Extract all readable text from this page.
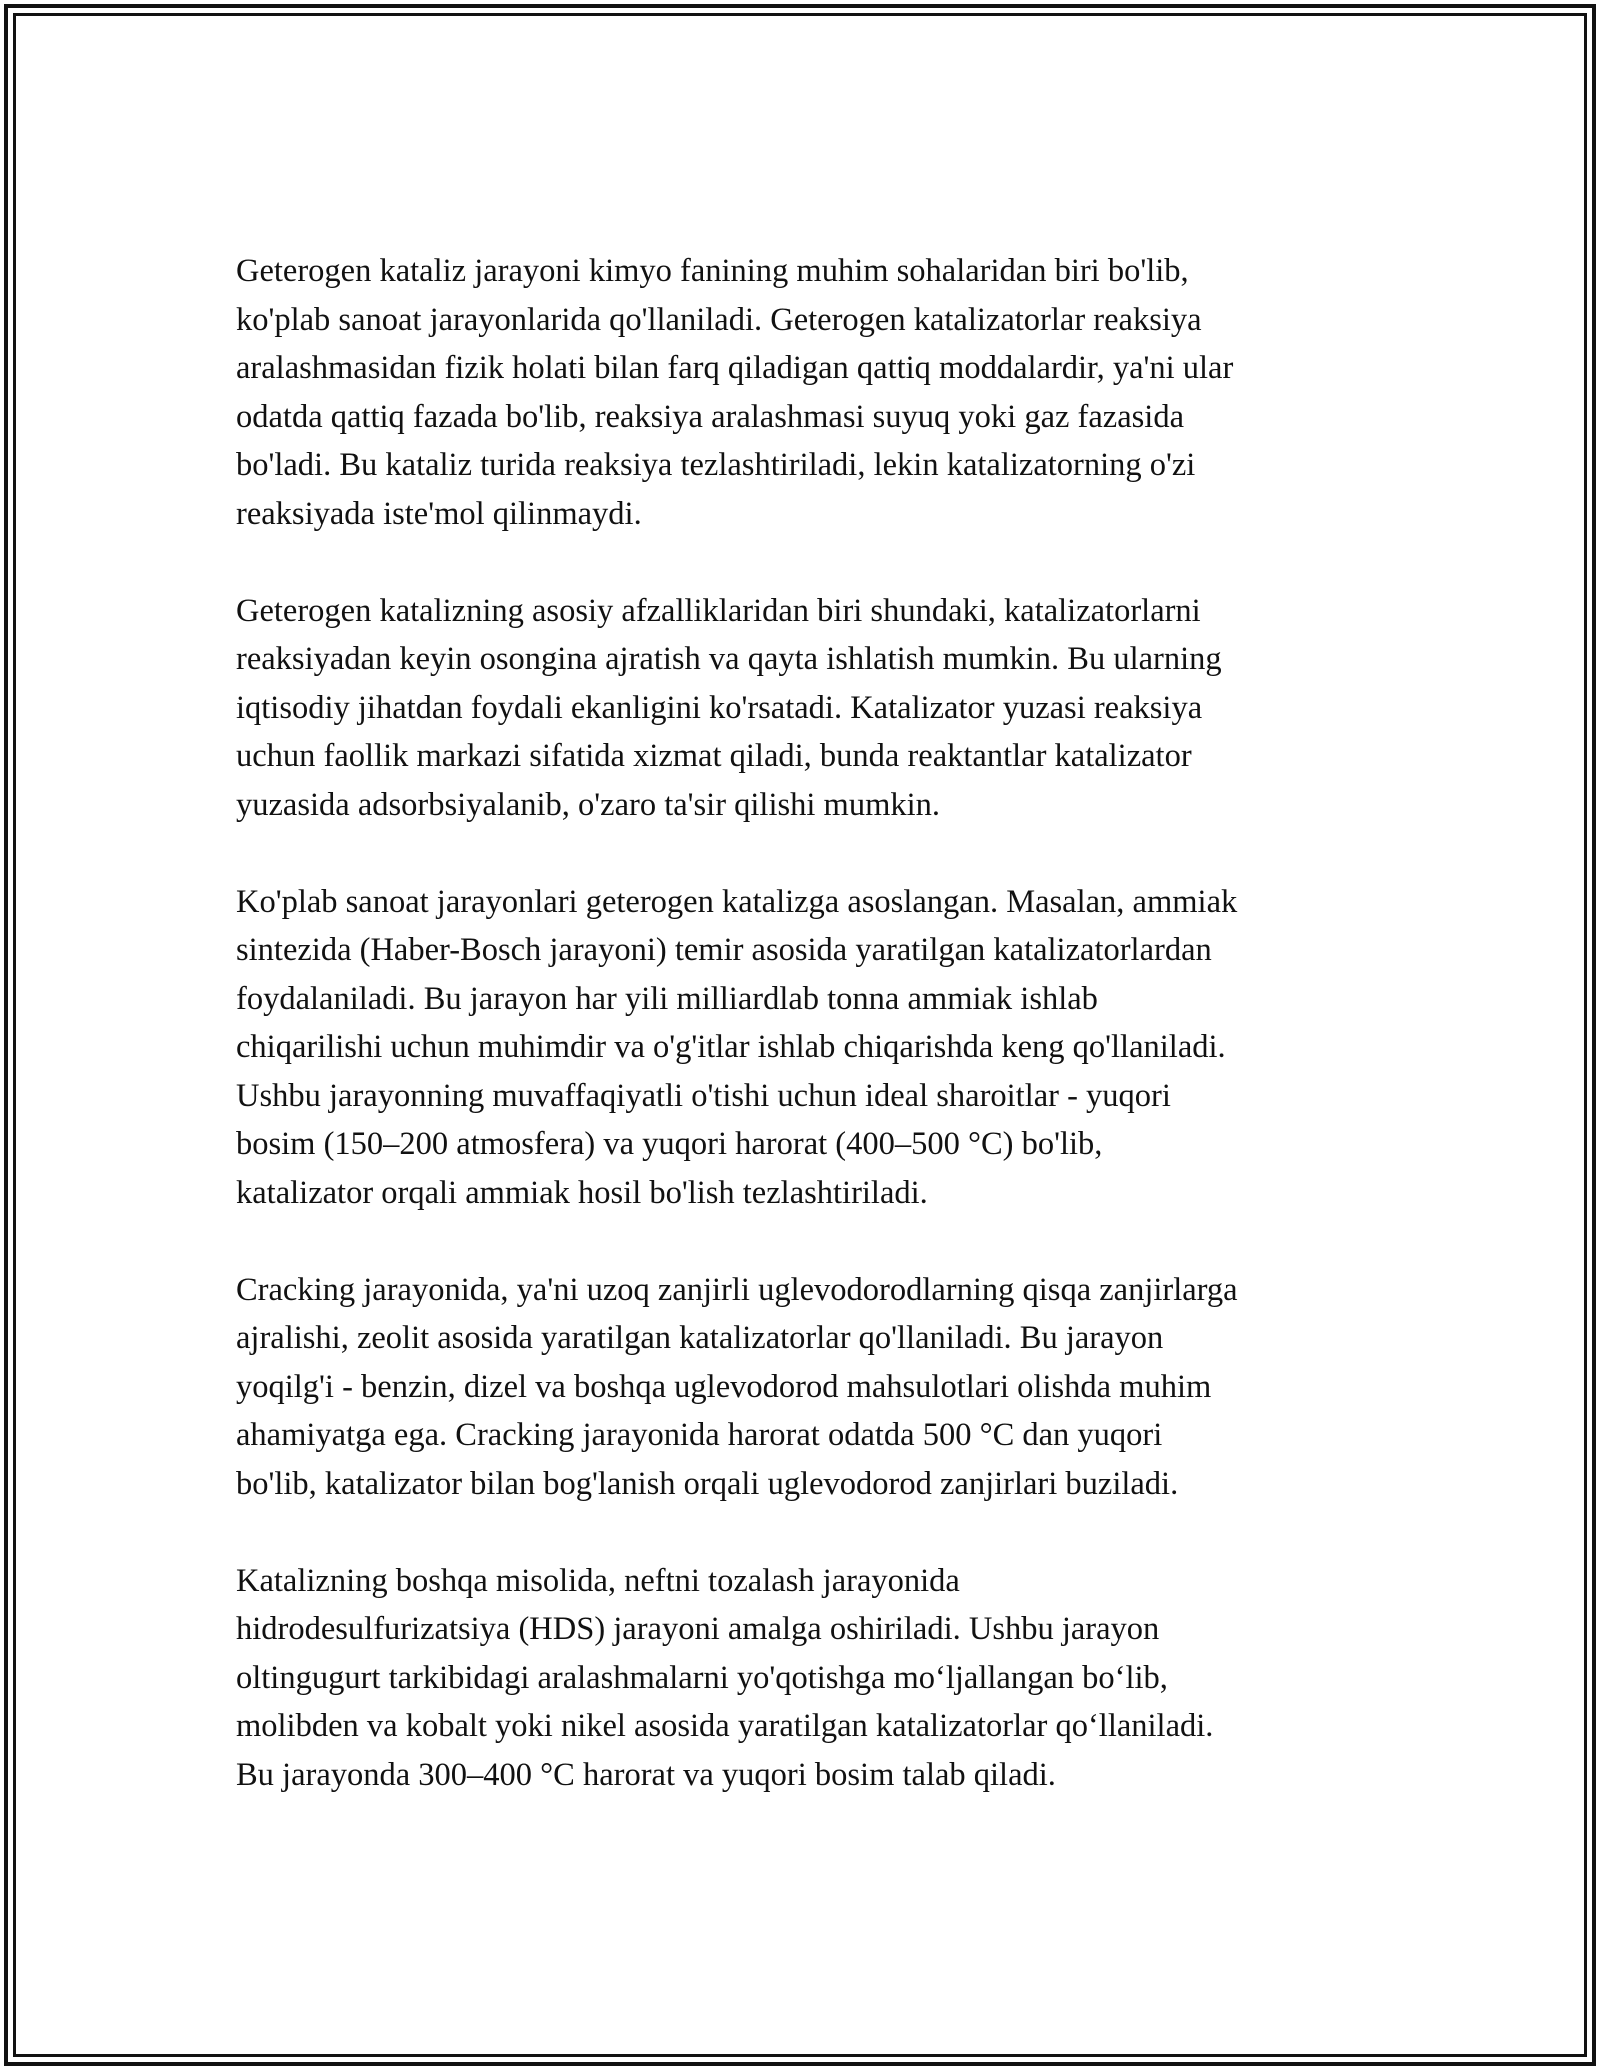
Geterogen kataliz jarayoni kimyo fanining muhim sohalaridan biri bo'lib,
ko'plab sanoat jarayonlarida qo'llaniladi. Geterogen katalizatorlar reaksiya
aralashmasidan fizik holati bilan farq qiladigan qattiq moddalardir, ya'ni ular
odatda qattiq fazada bo'lib, reaksiya aralashmasi suyuq yoki gaz fazasida
bo'ladi. Bu kataliz turida reaksiya tezlashtiriladi, lekin katalizatorning o'zi
reaksiyada iste'mol qilinmaydi.

Geterogen katalizning asosiy afzalliklaridan biri shundaki, katalizatorlarni
reaksiyadan keyin osongina ajratish va qayta ishlatish mumkin. Bu ularning
iqtisodiy jihatdan foydali ekanligini ko'rsatadi. Katalizator yuzasi reaksiya
uchun faollik markazi sifatida xizmat qiladi, bunda reaktantlar katalizator
yuzasida adsorbsiyalanib, o'zaro ta'sir qilishi mumkin.

Ko'plab sanoat jarayonlari geterogen katalizga asoslangan. Masalan, ammiak
sintezida (Haber-Bosch jarayoni) temir asosida yaratilgan katalizatorlardan
foydalaniladi. Bu jarayon har yili milliardlab tonna ammiak ishlab
chiqarilishi uchun muhimdir va o'g'itlar ishlab chiqarishda keng qo'llaniladi.
Ushbu jarayonning muvaffaqiyatli o'tishi uchun ideal sharoitlar - yuqori
bosim (150–200 atmosfera) va yuqori harorat (400–500 °C) bo'lib,
katalizator orqali ammiak hosil bo'lish tezlashtiriladi.

Cracking jarayonida, ya'ni uzoq zanjirli uglevodorodlarning qisqa zanjirlarga
ajralishi, zeolit asosida yaratilgan katalizatorlar qo'llaniladi. Bu jarayon
yoqilg'i - benzin, dizel va boshqa uglevodorod mahsulotlari olishda muhim
ahamiyatga ega. Cracking jarayonida harorat odatda 500 °C dan yuqori
bo'lib, katalizator bilan bog'lanish orqali uglevodorod zanjirlari buziladi.

Katalizning boshqa misolida, neftni tozalash jarayonida
hidrodesulfurizatsiya (HDS) jarayoni amalga oshiriladi. Ushbu jarayon
oltingugurt tarkibidagi aralashmalarni yo'qotishga mo‘ljallangan bo‘lib,
molibden va kobalt yoki nikel asosida yaratilgan katalizatorlar qo‘llaniladi.
Bu jarayonda 300–400 °C harorat va yuqori bosim talab qiladi.
